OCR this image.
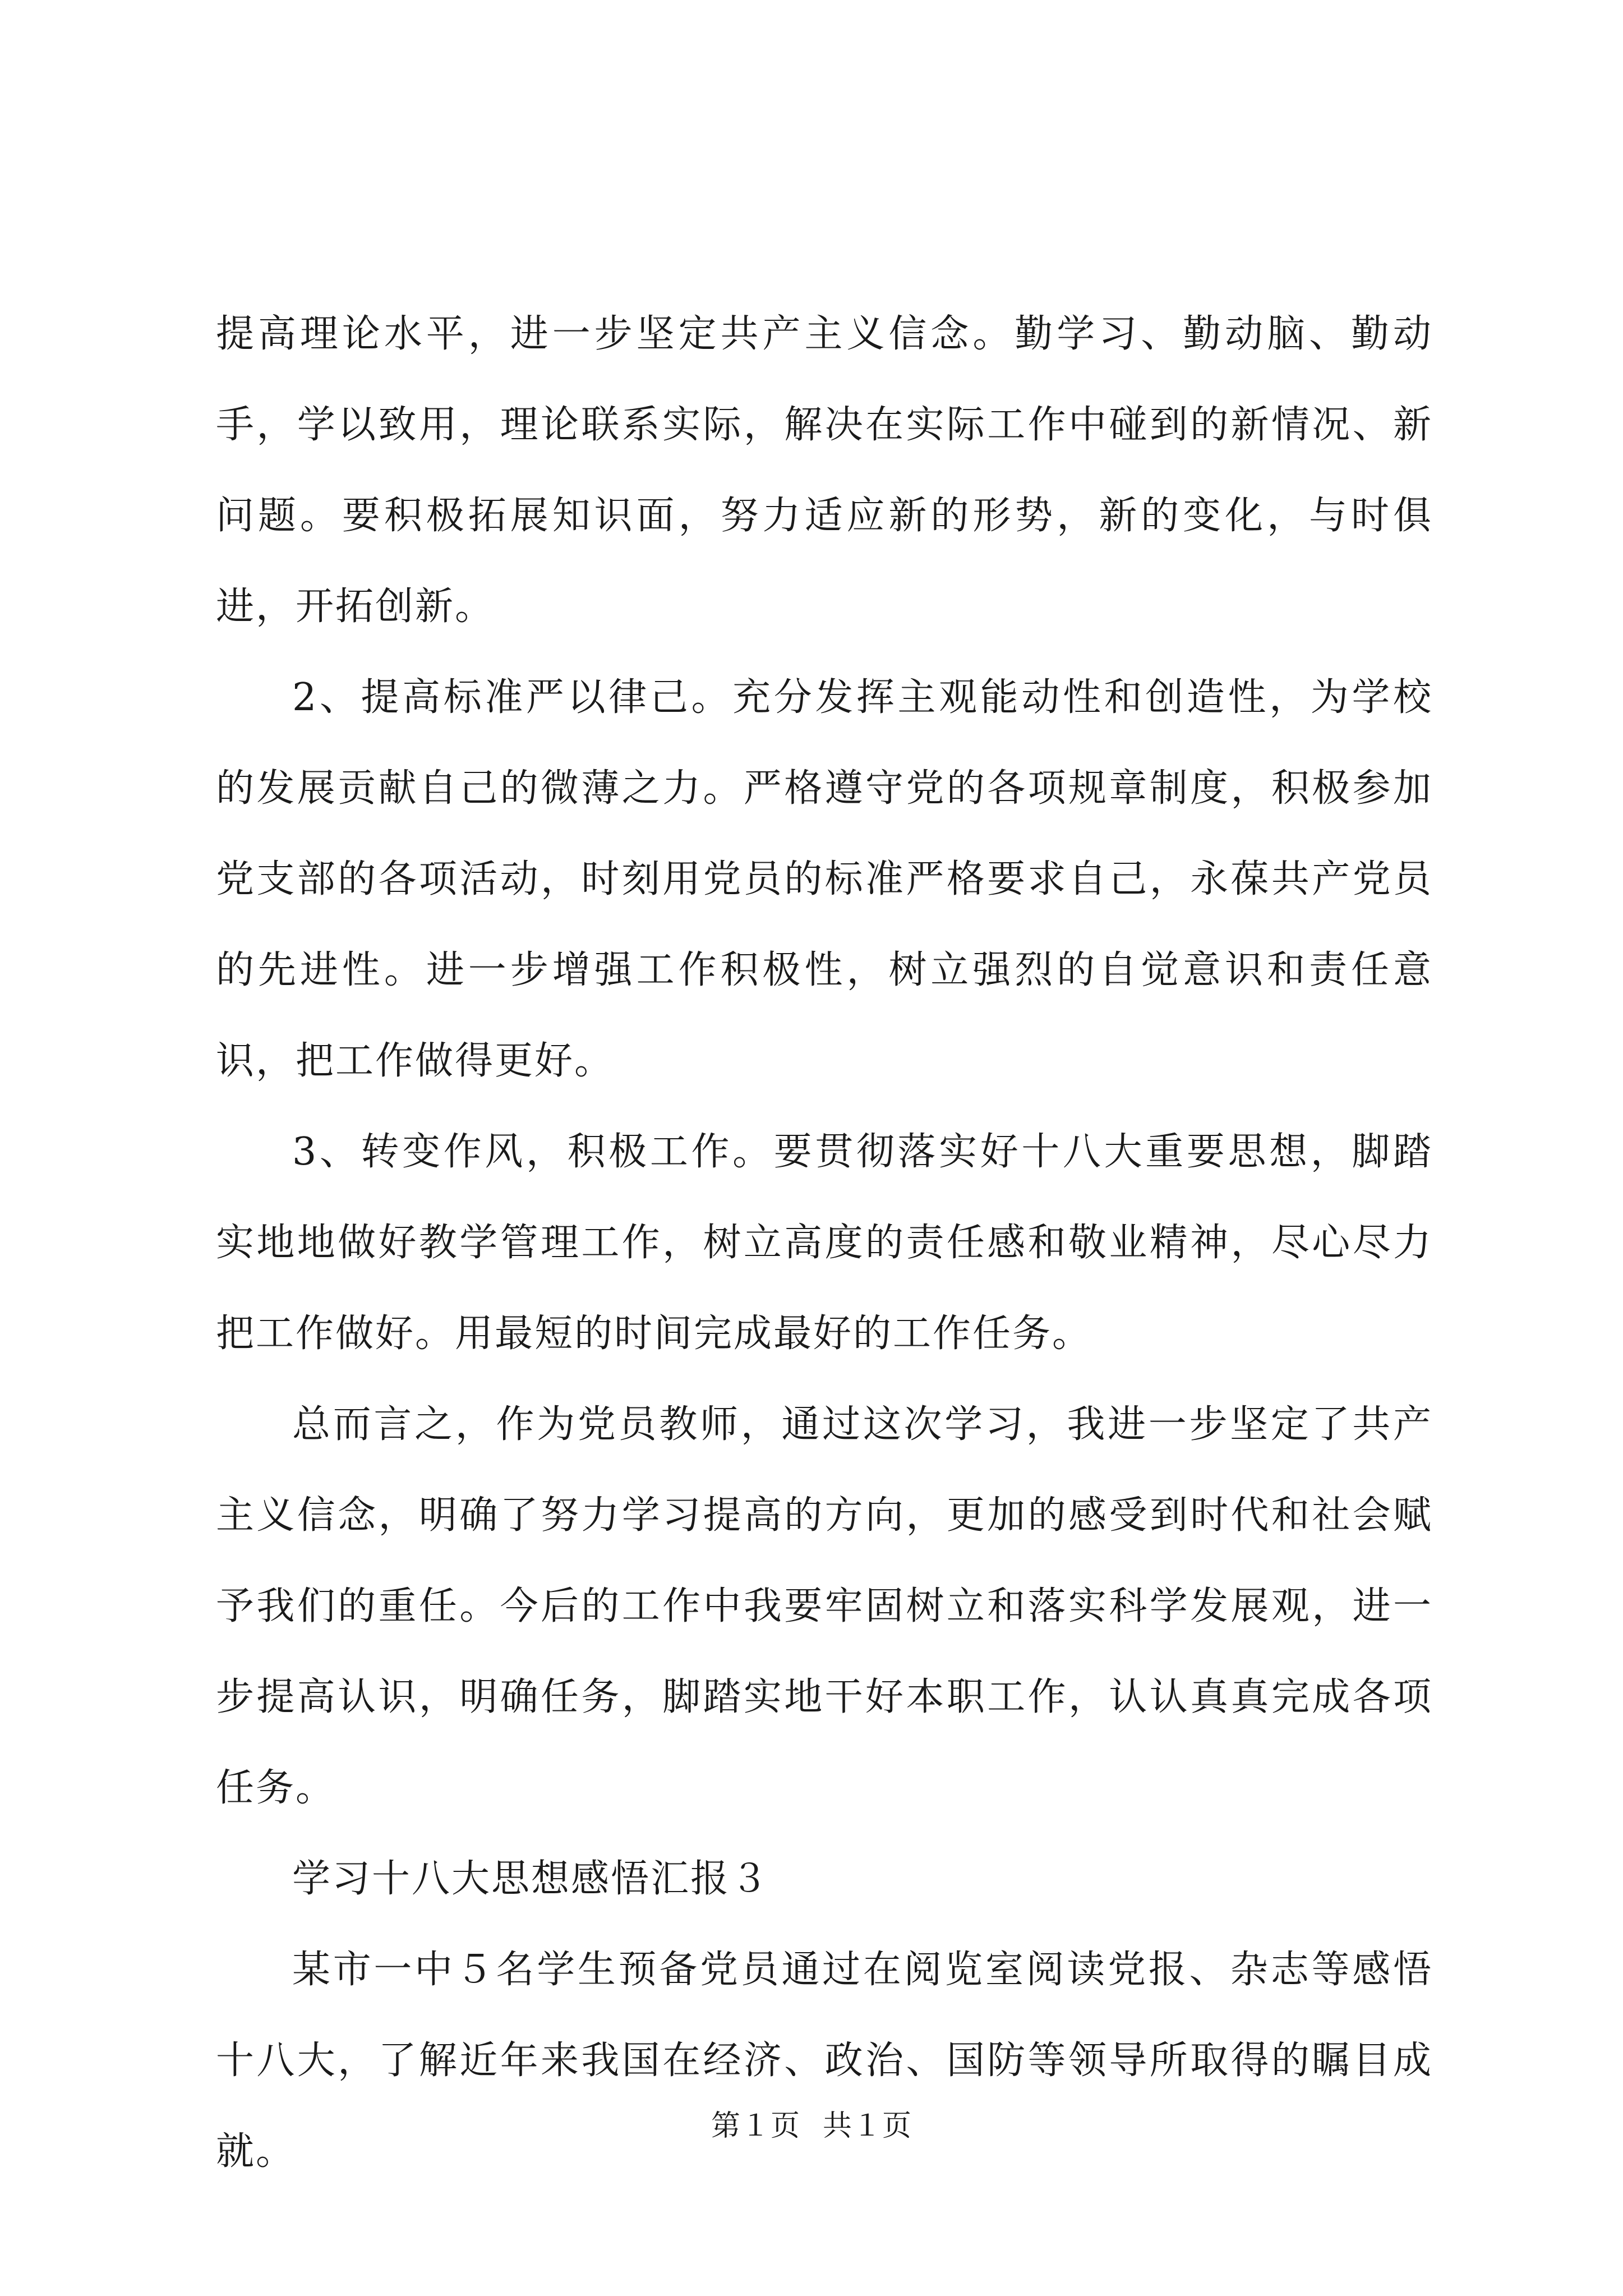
提高理论水平，进一步坚定共产主义信念。勤学习、勤动脑、勤动手，学以致用，理论联系实际，解决在实际工作中碰到的新情况、新问题。要积极拓展知识面，努力适应新的形势，新的变化，与时俱进，开拓创新。

2、提高标准严以律己。充分发挥主观能动性和创造性，为学校的发展贡献自己的微薄之力。严格遵守党的各项规章制度，积极参加党支部的各项活动，时刻用党员的标准严格要求自己，永葆共产党员的先进性。进一步增强工作积极性，树立强烈的自觉意识和责任意识，把工作做得更好。

3、转变作风，积极工作。要贯彻落实好十八大重要思想，脚踏实地地做好教学管理工作，树立高度的责任感和敬业精神，尽心尽力把工作做好。用最短的时间完成最好的工作任务。

总而言之，作为党员教师，通过这次学习，我进一步坚定了共产主义信念，明确了努力学习提高的方向，更加的感受到时代和社会赋予我们的重任。今后的工作中我要牢固树立和落实科学发展观，进一步提高认识，明确任务，脚踏实地干好本职工作，认认真真完成各项任务。

学习十八大思想感悟汇报３

某市一中５名学生预备党员通过在阅览室阅读党报、杂志等感悟十八大，了解近年来我国在经济、政治、国防等领导所取得的瞩目成就。

第１页 共１页
